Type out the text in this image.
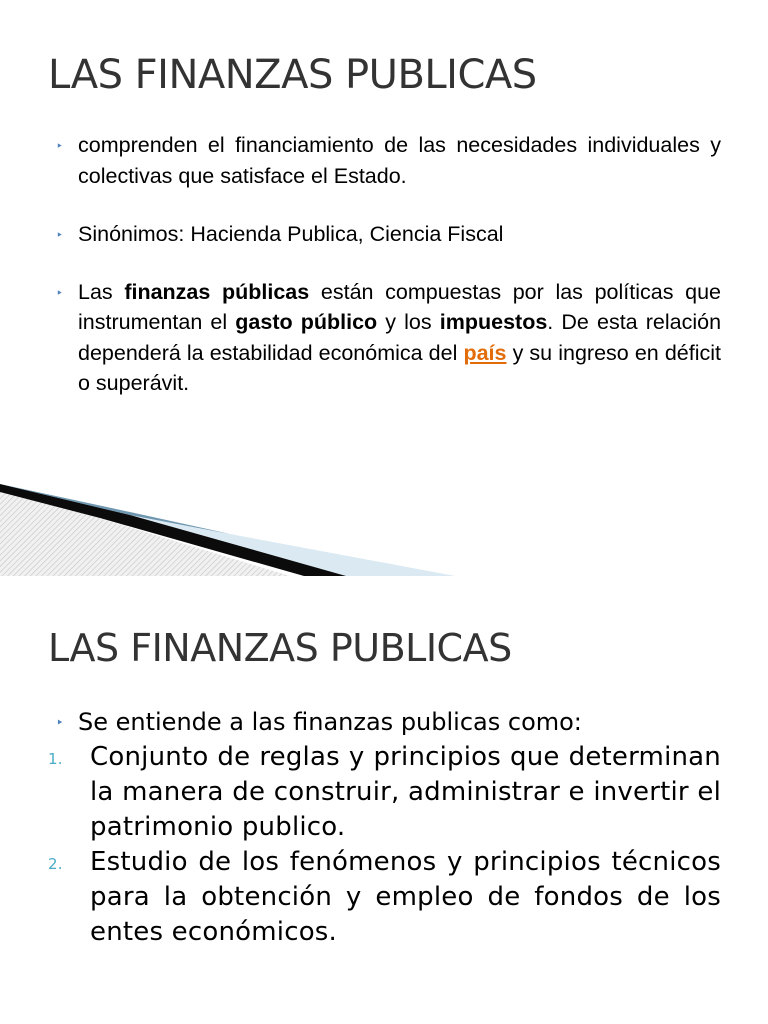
LAS FINANZAS PUBLICAS
‣ comprenden el financiamiento de las necesidades individuales y colectivas que satisface el Estado.
‣ Sinónimos: Hacienda Publica, Ciencia Fiscal
‣ Las finanzas públicas están compuestas por las políticas que instrumentan el gasto público y los impuestos. De esta relación dependerá la estabilidad económica del país y su ingreso en déficit o superávit.
LAS FINANZAS PUBLICAS
‣ Se entiende a las finanzas publicas como:
1. Conjunto de reglas y principios que determinan la manera de construir, administrar e invertir el patrimonio publico.
2. Estudio de los fenómenos y principios técnicos para la obtención y empleo de fondos de los entes económicos.
